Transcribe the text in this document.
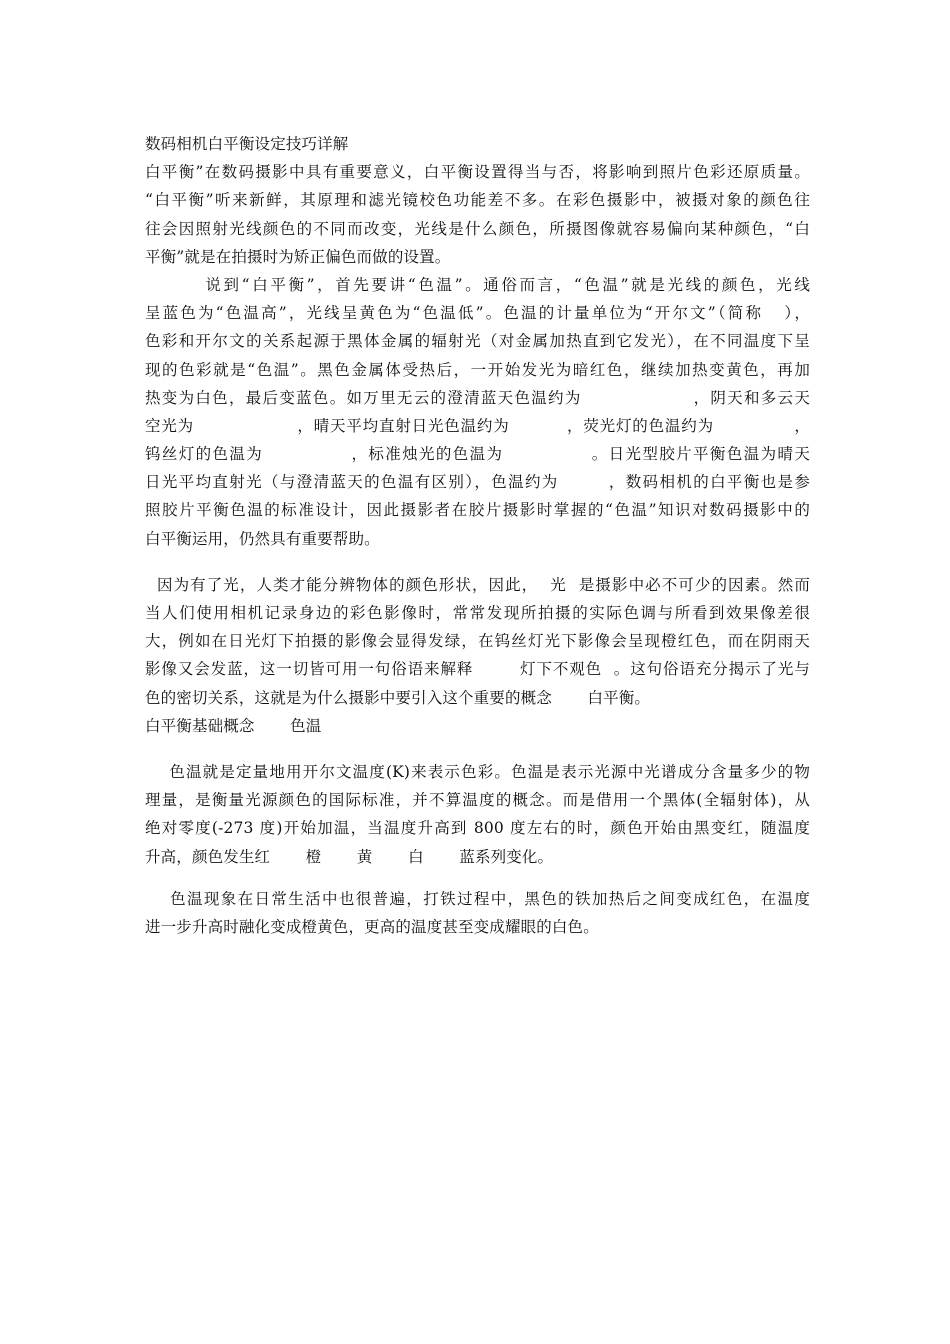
数码相机白平衡设定技巧详解
白平衡”在数码摄影中具有重要意义，白平衡设置得当与否，将影响到照片色彩还原质量。
“白平衡”听来新鲜，其原理和滤光镜校色功能差不多。在彩色摄影中，被摄对象的颜色往
往会因照射光线颜色的不同而改变，光线是什么颜色，所摄图像就容易偏向某种颜色，“白
平衡”就是在拍摄时为矫正偏色而做的设置。
说到“白平衡”，首先要讲“色温”。通俗而言，“色温”就是光线的颜色，光线
呈蓝色为“色温高”，光线呈黄色为“色温低”。色温的计量单位为“开尔文”（简称   ），
色彩和开尔文的关系起源于黑体金属的辐射光（对金属加热直到它发光），在不同温度下呈
现的色彩就是“色温”。黑色金属体受热后，一开始发光为暗红色，继续加热变黄色，再加
热变为白色，最后变蓝色。如万里无云的澄清蓝天色温约为                  ，阴天和多云天
空光为                  ，晴天平均直射日光色温约为          ，荧光灯的色温约为              ，
钨丝灯的色温为              ，标准烛光的色温为              。日光型胶片平衡色温为晴天
日光平均直射光（与澄清蓝天的色温有区别），色温约为        ，数码相机的白平衡也是参
照胶片平衡色温的标准设计，因此摄影者在胶片摄影时掌握的“色温”知识对数码摄影中的
白平衡运用，仍然具有重要帮助。
因为有了光，人类才能分辨物体的颜色形状，因此，  光  是摄影中必不可少的因素。然而
当人们使用相机记录身边的彩色影像时，常常发现所拍摄的实际色调与所看到效果像差很
大，例如在日光灯下拍摄的影像会显得发绿，在钨丝灯光下影像会呈现橙红色，而在阴雨天
影像又会发蓝，这一切皆可用一句俗语来解释        灯下不观色  。这句俗语充分揭示了光与
色的密切关系，这就是为什么摄影中要引入这个重要的概念       白平衡。
白平衡基础概念       色温
色温就是定量地用开尔文温度(K)来表示色彩。色温是表示光源中光谱成分含量多少的物
理量，是衡量光源颜色的国际标准，并不算温度的概念。而是借用一个黑体(全辐射体)，从
绝对零度(-273 度)开始加温，当温度升高到 800 度左右的时，颜色开始由黑变红，随温度
升高，颜色发生红       橙       黄       白       蓝系列变化。
色温现象在日常生活中也很普遍，打铁过程中，黑色的铁加热后之间变成红色，在温度
进一步升高时融化变成橙黄色，更高的温度甚至变成耀眼的白色。
